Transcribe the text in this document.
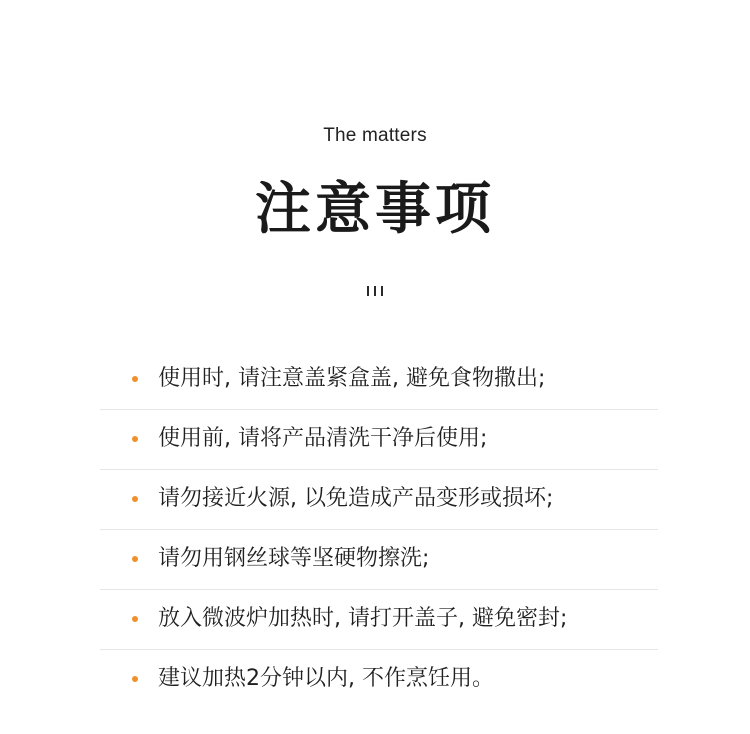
The matters
注意事项
使用时, 请注意盖紧盒盖, 避免食物撒出;
使用前, 请将产品清洗干净后使用;
请勿接近火源, 以免造成产品变形或损坏;
请勿用钢丝球等坚硬物擦洗;
放入微波炉加热时, 请打开盖子, 避免密封;
建议加热2分钟以内, 不作烹饪用。
